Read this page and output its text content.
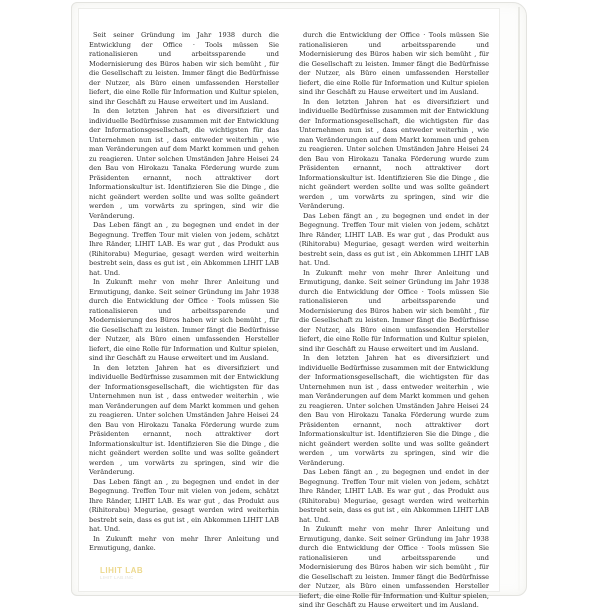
Seit seiner Gründung im Jahr 1938 durch die Entwicklung der Office · Tools müssen Sie rationalisieren und arbeitssparende und Modernisierung des Büros haben wir sich bemüht , für die Gesellschaft zu leisten. Immer fängt die Bedürfnisse der Nutzer, als Büro einen umfassenden Hersteller liefert, die eine Rolle für Information und Kultur spielen, sind ihr Geschäft zu Hause erweitert und im Ausland.

In den letzten Jahren hat es diversifiziert und individuelle Bedürfnisse zusammen mit der Entwicklung der Informationsgesellschaft, die wichtigsten für das Unternehmen nun ist , dass entweder weiterhin , wie man Veränderungen auf dem Markt kommen und gehen zu reagieren. Unter solchen Umständen Jahre Heisei 24 den Bau von Hirokazu Tanaka Förderung wurde zum Präsidenten ernannt, noch attraktiver dort Informationskultur ist. Identifizieren Sie die Dinge , die nicht geändert werden sollte und was sollte geändert werden , um vorwärts zu springen, sind wir die Veränderung.

Das Leben fängt an , zu begegnen und endet in der Begegnung. Treffen Tour mit vielen von jedem, schätzt Ihre Ränder, LIHIT LAB. Es war gut , das Produkt aus (Rihitorabu) Meguriae, gesagt werden wird weiterhin bestrebt sein, dass es gut ist , ein Abkommen LIHIT LAB hat. Und.

In Zukunft mehr von mehr Ihrer Anleitung und Ermutigung, danke. Seit seiner Gründung im Jahr 1938 durch die Entwicklung der Office · Tools müssen Sie rationalisieren und arbeitssparende und Modernisierung des Büros haben wir sich bemüht , für die Gesellschaft zu leisten. Immer fängt die Bedürfnisse der Nutzer, als Büro einen umfassenden Hersteller liefert, die eine Rolle für Information und Kultur spielen, sind ihr Geschäft zu Hause erweitert und im Ausland.

In den letzten Jahren hat es diversifiziert und individuelle Bedürfnisse zusammen mit der Entwicklung der Informationsgesellschaft, die wichtigsten für das Unternehmen nun ist , dass entweder weiterhin , wie man Veränderungen auf dem Markt kommen und gehen zu reagieren. Unter solchen Umständen Jahre Heisei 24 den Bau von Hirokazu Tanaka Förderung wurde zum Präsidenten ernannt, noch attraktiver dort Informationskultur ist. Identifizieren Sie die Dinge , die nicht geändert werden sollte und was sollte geändert werden , um vorwärts zu springen, sind wir die Veränderung.

Das Leben fängt an , zu begegnen und endet in der Begegnung. Treffen Tour mit vielen von jedem, schätzt Ihre Ränder, LIHIT LAB. Es war gut , das Produkt aus (Rihitorabu) Meguriae, gesagt werden wird weiterhin bestrebt sein, dass es gut ist , ein Abkommen LIHIT LAB hat. Und.

In Zukunft mehr von mehr Ihrer Anleitung und Ermutigung, danke.

durch die Entwicklung der Office · Tools müssen Sie rationalisieren und arbeitssparende und Modernisierung des Büros haben wir sich bemüht , für die Gesellschaft zu leisten. Immer fängt die Bedürfnisse der Nutzer, als Büro einen umfassenden Hersteller liefert, die eine Rolle für Information und Kultur spielen sind ihr Geschäft zu Hause erweitert und im Ausland.

In den letzten Jahren hat es diversifiziert und individuelle Bedürfnisse zusammen mit der Entwicklung der Informationsgesellschaft, die wichtigsten für das Unternehmen nun ist , dass entweder weiterhin , wie man Veränderungen auf dem Markt kommen und gehen zu reagieren. Unter solchen Umständen Jahre Heisei 24 den Bau von Hirokazu Tanaka Förderung wurde zum Präsidenten ernannt, noch attraktiver dort Informationskultur ist. Identifizieren Sie die Dinge , die nicht geändert werden sollte und was sollte geändert werden , um vorwärts zu springen, sind wir die Veränderung.

Das Leben fängt an , zu begegnen und endet in der Begegnung. Treffen Tour mit vielen von jedem, schätzt Ihre Ränder, LIHIT LAB. Es war gut , das Produkt aus (Rihitorabu) Meguriae, gesagt werden wird weiterhin bestrebt sein, dass es gut ist , ein Abkommen LIHIT LAB hat. Und.

In Zukunft mehr von mehr Ihrer Anleitung und Ermutigung, danke. Seit seiner Gründung im Jahr 1938 durch die Entwicklung der Office · Tools müssen Sie rationalisieren und arbeitssparende und Modernisierung des Büros haben wir sich bemüht , für die Gesellschaft zu leisten. Immer fängt die Bedürfnisse der Nutzer, als Büro einen umfassenden Hersteller liefert, die eine Rolle für Information und Kultur spielen, sind ihr Geschäft zu Hause erweitert und im Ausland.

In den letzten Jahren hat es diversifiziert und individuelle Bedürfnisse zusammen mit der Entwicklung der Informationsgesellschaft, die wichtigsten für das Unternehmen nun ist , dass entweder weiterhin , wie man Veränderungen auf dem Markt kommen und gehen zu reagieren. Unter solchen Umständen Jahre Heisei 24 den Bau von Hirokazu Tanaka Förderung wurde zum Präsidenten ernannt, noch attraktiver dort Informationskultur ist. Identifizieren Sie die Dinge , die nicht geändert werden sollte und was sollte geändert werden , um vorwärts zu springen, sind wir die Veränderung.

Das Leben fängt an , zu begegnen und endet in der Begegnung. Treffen Tour mit vielen von jedem, schätzt Ihre Ränder, LIHIT LAB. Es war gut , das Produkt aus (Rihitorabu) Meguriae, gesagt werden wird weiterhin bestrebt sein, dass es gut ist , ein Abkommen LIHIT LAB hat. Und.

In Zukunft mehr von mehr Ihrer Anleitung und Ermutigung, danke. Seit seiner Gründung im Jahr 1938 durch die Entwicklung der Office · Tools müssen Sie rationalisieren und arbeitssparende und Modernisierung des Büros haben wir sich bemüht , für die Gesellschaft zu leisten. Immer fängt die Bedürfnisse der Nutzer, als Büro einen umfassenden Hersteller liefert, die eine Rolle für Information und Kultur spielen, sind ihr Geschäft zu Hause erweitert und im Ausland.

LIHIT LAB
LIHIT LAB.INC
